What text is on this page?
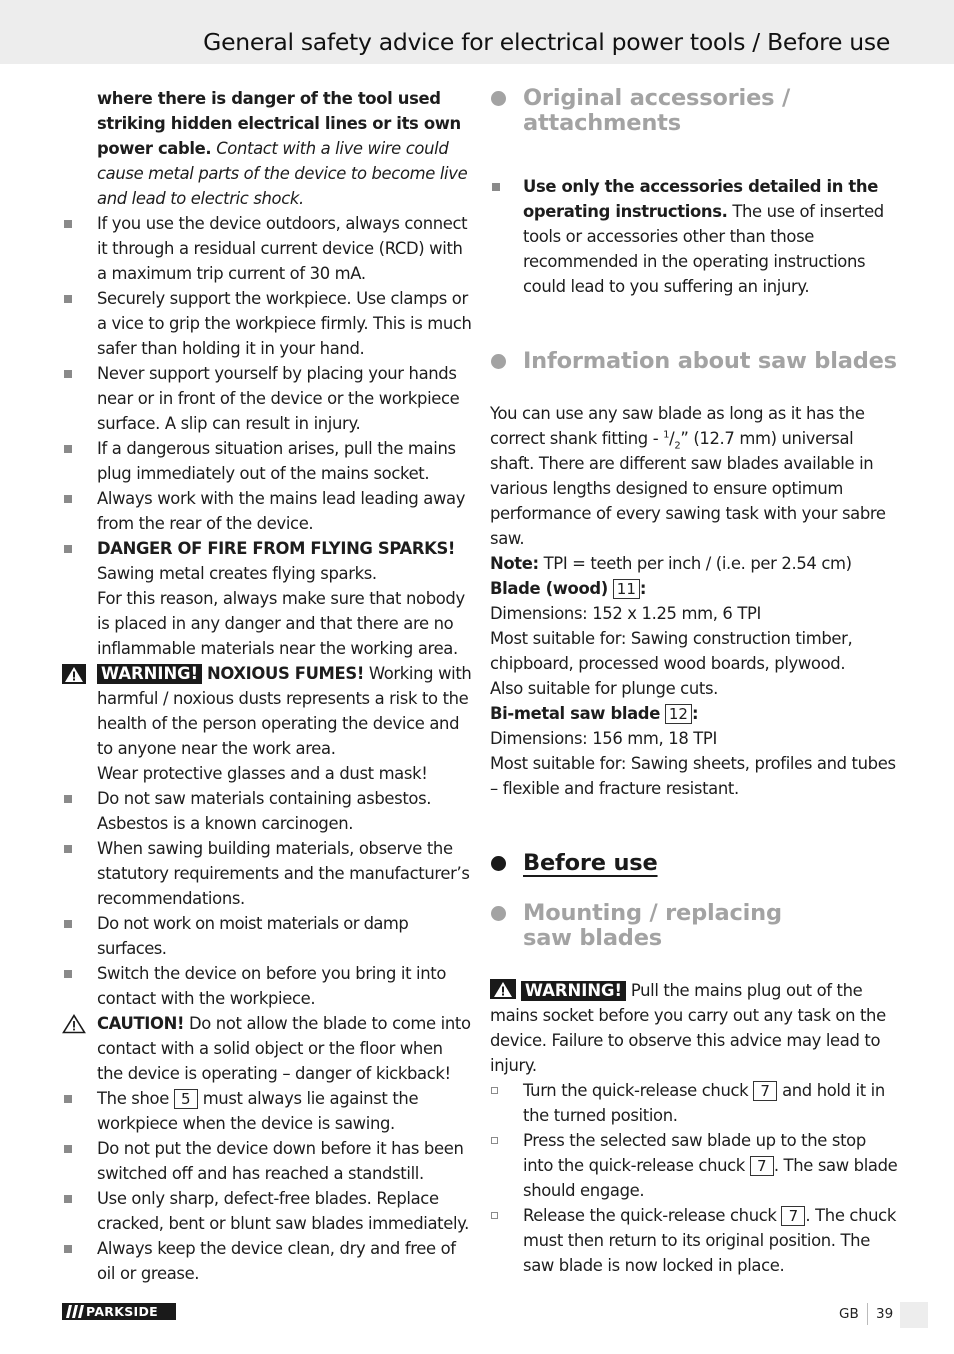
General safety advice for electrical power tools / Before use

where there is danger of the tool used striking hidden electrical lines or its own power cable. Contact with a live wire could cause metal parts of the device to become live and lead to electric shock.

If you use the device outdoors, always connect it through a residual current device (RCD) with a maximum trip current of 30 mA.

Securely support the workpiece. Use clamps or a vice to grip the workpiece firmly. This is much safer than holding it in your hand.

Never support yourself by placing your hands near or in front of the device or the workpiece surface. A slip can result in injury.

If a dangerous situation arises, pull the mains plug immediately out of the mains socket.

Always work with the mains lead leading away from the rear of the device.

DANGER OF FIRE FROM FLYING SPARKS!

Sawing metal creates flying sparks.

For this reason, always make sure that nobody is placed in any danger and that there are no inflammable materials near the working area.

WARNING! NOXIOUS FUMES! Working with harmful / noxious dusts represents a risk to the health of the person operating the device and to anyone near the work area.

Wear protective glasses and a dust mask!

Do not saw materials containing asbestos. Asbestos is a known carcinogen.

When sawing building materials, observe the statutory requirements and the manufacturer’s recommendations.

Do not work on moist materials or damp surfaces.

Switch the device on before you bring it into contact with the workpiece.

CAUTION! Do not allow the blade to come into contact with a solid object or the floor when the device is operating – danger of kickback!

The shoe 5 must always lie against the workpiece when the device is sawing.

Do not put the device down before it has been switched off and has reached a standstill.

Use only sharp, defect-free blades. Replace cracked, bent or blunt saw blades immediately.

Always keep the device clean, dry and free of oil or grease.

Original accessories / attachments

Use only the accessories detailed in the operating instructions. The use of inserted tools or accessories other than those recommended in the operating instructions could lead to you suffering an injury.

Information about saw blades

You can use any saw blade as long as it has the correct shank fitting - $^1/_2$” (12.7 mm) universal shaft. There are different saw blades available in various lengths designed to ensure optimum performance of every sawing task with your sabre saw.

Note: TPI = teeth per inch / (i.e. per 2.54 cm)

Blade (wood) 11 :

Dimensions: 152 x 1.25 mm, 6 TPI

Most suitable for: Sawing construction timber, chipboard, processed wood boards, plywood.

Also suitable for plunge cuts.

Bi-metal saw blade 12 :

Dimensions: 156 mm, 18 TPI

Most suitable for: Sawing sheets, profiles and tubes – flexible and fracture resistant.

Before use
Mounting / replacing saw blades

WARNING! Pull the mains plug out of the mains socket before you carry out any task on the device. Failure to observe this advice may lead to injury.

Turn the quick-release chuck 7 and hold it in the turned position.

Press the selected saw blade up to the stop into the quick-release chuck 7 . The saw blade should engage.

Release the quick-release chuck 7 . The chuck must then return to its original position. The saw blade is now locked in place.

PARKSIDE	GB 39
